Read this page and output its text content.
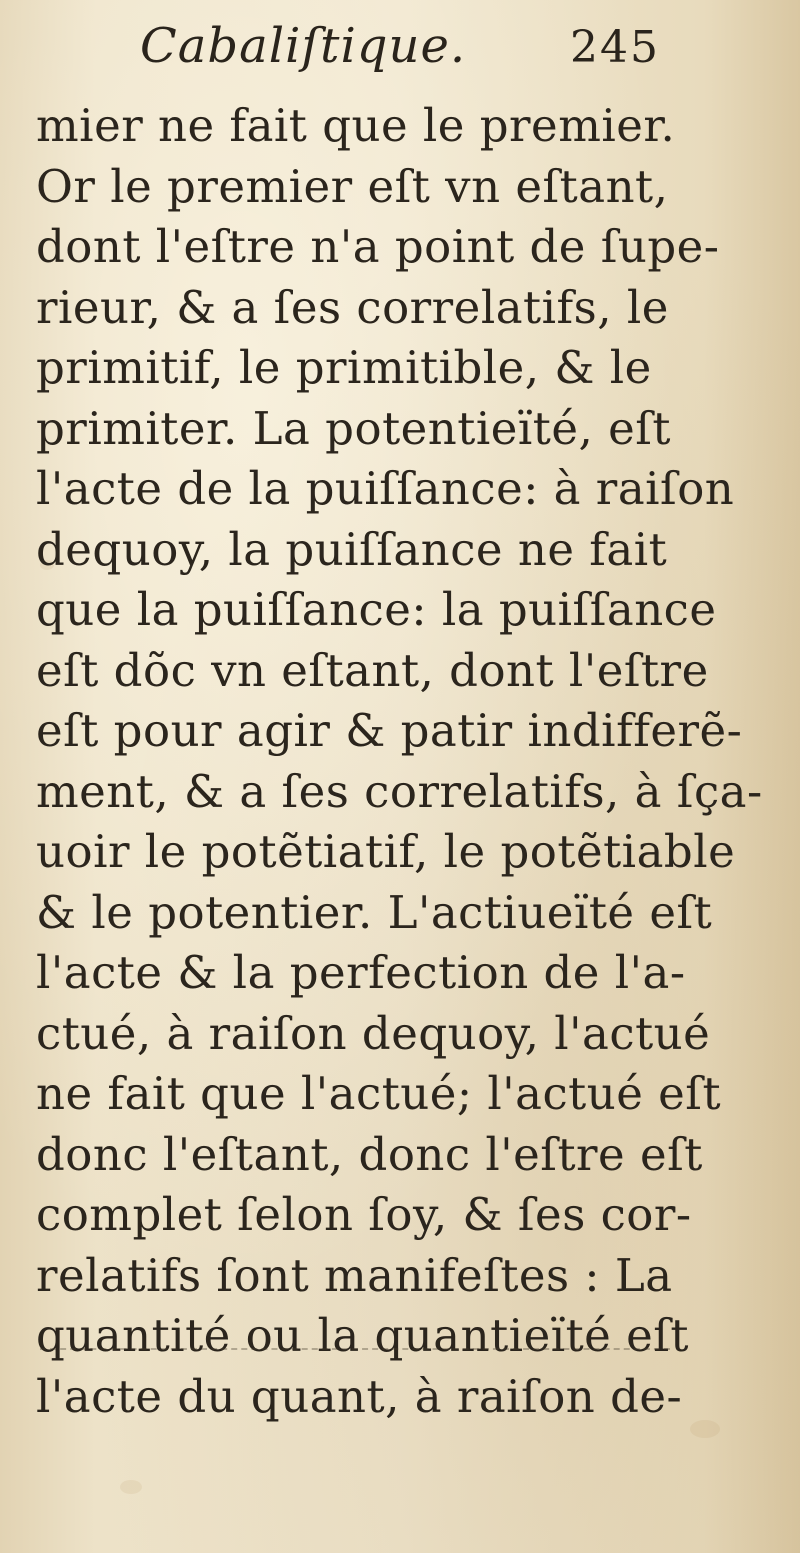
Cabaliſtique. 245
mier ne fait que le premier.
Or le premier eſt vn eſtant,
dont l'eſtre n'a point de ſupe-
rieur, & a ſes correlatifs, le
primitif, le primitible, & le
primiter. La potentieïté, eſt
l'acte de la puiſſance: à raiſon
dequoy, la puiſſance ne fait
que la puiſſance: la puiſſance
eſt dõc vn eſtant, dont l'eſtre
eſt pour agir & patir indifferẽ-
ment, & a ſes correlatifs, à ſça-
uoir le potẽtiatif, le potẽtiable
& le potentier. L'actiueïté eſt
l'acte & la perfection de l'a-
ctué, à raiſon dequoy, l'actué
ne fait que l'actué; l'actué eſt
donc l'eſtant, donc l'eſtre eſt
complet ſelon ſoy, & ſes cor-
relatifs ſont manifeſtes : La
quantité ou la quantieïté eſt
l'acte du quant, à raiſon de-
